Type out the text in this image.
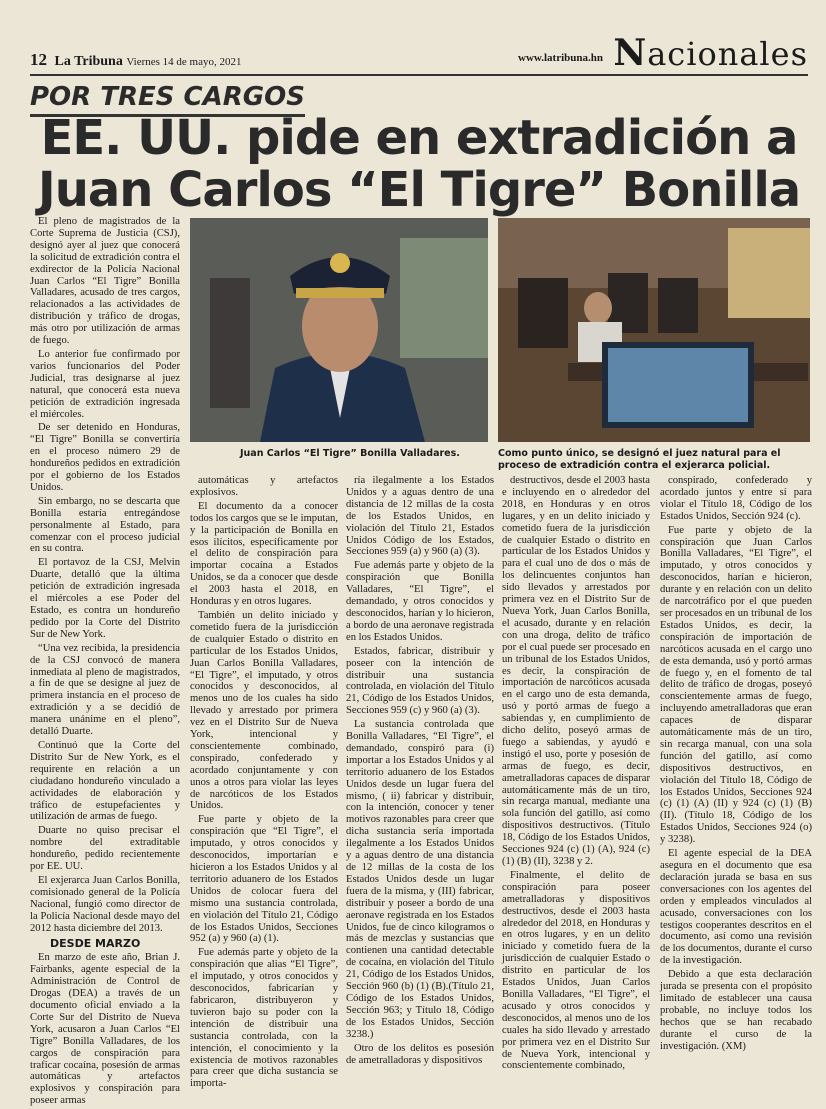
12 La Tribuna Viernes 14 de mayo, 2021	www.latribuna.hn Nacionales
POR TRES CARGOS
EE. UU. pide en extradición a
Juan Carlos “El Tigre” Bonilla
Juan Carlos “El Tigre” Bonilla Valladares.	Como punto único, se designó el juez natural para el proceso de extradición contra el exjerarca policial.

El pleno de magistrados de la Corte Suprema de Justicia (CSJ), designó ayer al juez que conocerá la solicitud de extradición contra el exdirector de la Policía Nacional Juan Carlos “El Tigre” Bonilla Valladares, acusado de tres cargos, relacionados a las actividades de distribución y tráfico de drogas, más otro por utilización de armas de fuego.

Lo anterior fue confirmado por varios funcionarios del Poder Judicial, tras designarse al juez natural, que conocerá esta nueva petición de extradición ingresada el miércoles.

De ser detenido en Honduras, “El Tigre” Bonilla se convertiría en el proceso número 29 de hondureños pedidos en extradición por el gobierno de los Estados Unidos.

Sin embargo, no se descarta que Bonilla estaría entregándose personalmente al Estado, para comenzar con el proceso judicial en su contra.

El portavoz de la CSJ, Melvin Duarte, detalló que la última petición de extradición ingresada el miércoles a ese Poder del Estado, es contra un hondureño pedido por la Corte del Distrito Sur de New York.

“Una vez recibida, la presidencia de la CSJ convocó de manera inmediata al pleno de magistrados, a fin de que se designe al juez de primera instancia en el proceso de extradición y a se decidió de manera unánime en el pleno”, detalló Duarte.

Continuó que la Corte del Distrito Sur de New York, es el requirente en relación a un ciudadano hondureño vinculado a actividades de elaboración y tráfico de estupefacientes y utilización de armas de fuego.

Duarte no quiso precisar el nombre del extraditable hondureño, pedido recientemente por EE. UU.

El exjerarca Juan Carlos Bonilla, comisionado general de la Policía Nacional, fungió como director de la Policía Nacional desde mayo del 2012 hasta diciembre del 2013.

DESDE MARZO

En marzo de este año, Brian J. Fairbanks, agente especial de la Administración de Control de Drogas (DEA) a través de un documento oficial enviado a la Corte Sur del Distrito de Nueva York, acusaron a Juan Carlos “El Tigre” Bonilla Valladares, de los cargos de conspiración para traficar cocaína, posesión de armas automáticas y artefactos explosivos y conspiración para poseer armas

automáticas y artefactos explosivos.

El documento da a conocer todos los cargos que se le imputan, y la participación de Bonilla en esos ilícitos, específicamente por el delito de conspiración para importar cocaína a Estados Unidos, se da a conocer que desde el 2003 hasta el 2018, en Honduras y en otros lugares.

También un delito iniciado y cometido fuera de la jurisdicción de cualquier Estado o distrito en particular de los Estados Unidos, Juan Carlos Bonilla Valladares, “El Tigre”, el imputado, y otros conocidos y desconocidos, al menos uno de los cuales ha sido llevado y arrestado por primera vez en el Distrito Sur de Nueva York, intencional y conscientemente combinado, conspirado, confederado y acordado conjuntamente y con unos a otros para violar las leyes de narcóticos de los Estados Unidos.

Fue parte y objeto de la conspiración que “El Tigre”, el imputado, y otros conocidos y desconocidos, importarían e hicieron a los Estados Unidos y al territorio aduanero de los Estados Unidos de colocar fuera del mismo una sustancia controlada, en violación del Título 21, Código de los Estados Unidos, Secciones 952 (a) y 960 (a) (1).

Fue además parte y objeto de la conspiración que alias “El Tigre”, el imputado, y otros conocidos y desconocidos, fabricarían y fabricaron, distribuyeron y tuvieron bajo su poder con la intención de distribuir una sustancia controlada, con la intención, el conocimiento y la existencia de motivos razonables para creer que dicha sustancia se importa-

ría ilegalmente a los Estados Unidos y a aguas dentro de una distancia de 12 millas de la costa de los Estados Unidos, en violación del Título 21, Estados Unidos Código de los Estados, Secciones 959 (a) y 960 (a) (3).

Fue además parte y objeto de la conspiración que Bonilla Valladares, “El Tigre”, el demandado, y otros conocidos y desconocidos, harían y lo hicieron, a bordo de una aeronave registrada en los Estados Unidos.

Estados, fabricar, distribuir y poseer con la intención de distribuir una sustancia controlada, en violación del Título 21, Código de los Estados Unidos, Secciones 959 (c) y 960 (a) (3).

La sustancia controlada que Bonilla Valladares, “El Tigre”, el demandado, conspiró para (i) importar a los Estados Unidos y al territorio aduanero de los Estados Unidos desde un lugar fuera del mismo, ( ii) fabricar y distribuir, con la intención, conocer y tener motivos razonables para creer que dicha sustancia sería importada ilegalmente a los Estados Unidos y a aguas dentro de una distancia de 12 millas de la costa de los Estados Unidos desde un lugar fuera de la misma, y (III) fabricar, distribuir y poseer a bordo de una aeronave registrada en los Estados Unidos, fue de cinco kilogramos o más de mezclas y sustancias que contienen una cantidad detectable de cocaína, en violación del Título 21, Código de los Estados Unidos, Sección 960 (b) (1) (B).(Título 21, Código de los Estados Unidos, Sección 963; y Título 18, Código de los Estados Unidos, Sección 3238.)

Otro de los delitos es posesión de ametralladoras y dispositivos

destructivos, desde el 2003 hasta e incluyendo en o alrededor del 2018, en Honduras y en otros lugares, y en un delito iniciado y cometido fuera de la jurisdicción de cualquier Estado o distrito en particular de los Estados Unidos y para el cual uno de dos o más de los delincuentes conjuntos han sido llevados y arrestados por primera vez en el Distrito Sur de Nueva York, Juan Carlos Bonilla, el acusado, durante y en relación con una droga, delito de tráfico por el cual puede ser procesado en un tribunal de los Estados Unidos, es decir, la conspiración de importación de narcóticos acusada en el cargo uno de esta demanda, usó y portó armas de fuego a sabiendas y, en cumplimiento de dicho delito, poseyó armas de fuego a sabiendas, y ayudó e instigó el uso, porte y posesión de armas de fuego, es decir, ametralladoras capaces de disparar automáticamente más de un tiro, sin recarga manual, mediante una sola función del gatillo, así como dispositivos destructivos. (Título 18, Código de los Estados Unidos, Secciones 924 (c) (1) (A), 924 (c) (1) (B) (II), 3238 y 2.

Finalmente, el delito de conspiración para poseer ametralladoras y dispositivos destructivos, desde el 2003 hasta alrededor del 2018, en Honduras y en otros lugares, y en un delito iniciado y cometido fuera de la jurisdicción de cualquier Estado o distrito en particular de los Estados Unidos, Juan Carlos Bonilla Valladares, “El Tigre”, el acusado y otros conocidos y desconocidos, al menos uno de los cuales ha sido llevado y arrestado por primera vez en el Distrito Sur de Nueva York, intencional y conscientemente combinado,

conspirado, confederado y acordado juntos y entre sí para violar el Título 18, Código de los Estados Unidos, Sección 924 (c).

Fue parte y objeto de la conspiración que Juan Carlos Bonilla Valladares, “El Tigre”, el imputado, y otros conocidos y desconocidos, harían e hicieron, durante y en relación con un delito de narcotráfico por el que pueden ser procesados en un tribunal de los Estados Unidos, es decir, la conspiración de importación de narcóticos acusada en el cargo uno de esta demanda, usó y portó armas de fuego y, en el fomento de tal delito de tráfico de drogas, poseyó conscientemente armas de fuego, incluyendo ametralladoras que eran capaces de disparar automáticamente más de un tiro, sin recarga manual, con una sola función del gatillo, así como dispositivos destructivos, en violación del Título 18, Código de los Estados Unidos, Secciones 924 (c) (1) (A) (II) y 924 (c) (1) (B) (II). (Título 18, Código de los Estados Unidos, Secciones 924 (o) y 3238).

El agente especial de la DEA asegura en el documento que esa declaración jurada se basa en sus conversaciones con los agentes del orden y empleados vinculados al acusado, conversaciones con los testigos cooperantes descritos en el documento, así como una revisión de los documentos, durante el curso de la investigación.

Debido a que esta declaración jurada se presenta con el propósito limitado de establecer una causa probable, no incluye todos los hechos que se han recabado durante el curso de la investigación. (XM)
